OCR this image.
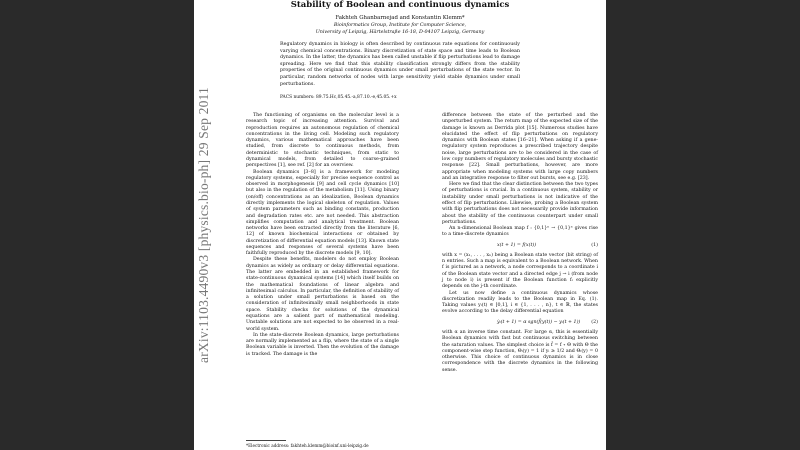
Stability of Boolean and continuous dynamics
Fakhteh Ghanbarnejad and Konstantin Klemm*
Bioinformatics Group, Institute for Computer Science,
University of Leipzig, Härtelstraße 16-18, D-04107 Leipzig, Germany
Regulatory dynamics in biology is often described by continuous rate equations for continuously varying chemical concentrations. Binary discretization of state space and time leads to Boolean dynamics. In the latter, the dynamics has been called unstable if flip perturbations lead to damage spreading. Here we find that this stability classification strongly differs from the stability properties of the original continuous dynamics under small perturbations of the state vector. In particular, random networks of nodes with large sensitivity yield stable dynamics under small perturbations.
PACS numbers: 89.75.Hc,05.45.-a,87.10.-e,45.05.+x
arXiv:1103.4490v3 [physics.bio-ph] 29 Sep 2011	The functioning of organisms on the molecular level is a research topic of increasing attention. Survival and reproduction requires an autonomous regulation of chemical concentrations in the living cell. Modeling such regulatory dynamics, various mathematical approaches have been studied, from discrete to continuous methods, from deterministic to stochastic techniques, from static to dynamical models, from detailed to coarse-grained perspectives [1], see ref. [2] for an overview.

Boolean dynamics [3–8] is a framework for modeling regulatory systems, especially for precise sequence control as observed in morphogenesis [9] and cell cycle dynamics [10] but also in the regulation of the metabolism [11]. Using binary (on/off) concentrations as an idealization, Boolean dynamics directly implements the logical skeleton of regulation. Values of system parameters such as binding constants, production and degradation rates etc. are not needed. This abstraction simplifies computation and analytical treatment. Boolean networks have been extracted directly from the literature [6, 12] of known biochemical interactions or obtained by discretization of differential equation models [13]. Known state sequences and responses of several systems have been faithfully reproduced by the discrete models [9, 10].

Despite these benefits, modelers do not employ Boolean dynamics as widely as ordinary or delay differential equations. The latter are embedded in an established framework for state-continuous dynamical systems [14] which itself builds on the mathematical foundations of linear algebra and infinitesimal calculus. In particular, the definition of stability of a solution under small perturbations is based on the consideration of infinitesimally small neighborhoods in state space. Stability checks for solutions of the dynamical equations are a salient part of mathematical modeling. Unstable solutions are not expected to be observed in a real-world system.

In the state-discrete Boolean dynamics, large perturbations are normally implemented as a flip, where the state of a single Boolean variable is inverted. Then the evolution of the damage is tracked. The damage is the

difference between the state of the perturbed and the unperturbed system. The return map of the expected size of the damage is known as Derrida plot [15]. Numerous studies have elucidated the effect of flip perturbations on regulatory dynamics with Boolean states [16–21]. When asking if a gene-regulatory system reproduces a prescribed trajectory despite noise, large perturbations are to be considered in the case of low copy numbers of regulatory molecules and bursty stochastic response [22]. Small perturbations, however, are more appropriate when modeling systems with large copy numbers and an integrative response to filter out bursts, see e.g. [23].

Here we find that the clear distinction between the two types of perturbations is crucial. In a continuous system, stability or instability under small perturbations is not indicative of the effect of flip perturbations. Likewise, probing a Boolean system with flip perturbations does not necessarily provide information about the stability of the continuous counterpart under small perturbations.

An n-dimensional Boolean map f : {0,1}ⁿ → {0,1}ⁿ gives rise to a time-discrete dynamics

x(t + 1) = f(x(t))	(1)

with x = (x₁, . . . , xₙ) being a Boolean state vector (bit string) of n entries. Such a map is equivalent to a Boolean network. When f is pictured as a network, a node corresponds to a coordinate i of the Boolean state vector and a directed edge j → i (from node j to node i) is present if the Boolean function fᵢ explicitly depends on the j-th coordinate.

Let us now define a continuous dynamics whose discretization readily leads to the Boolean map in Eq. (1). Taking values yᵢ(t) ∈ [0,1], i ∈ {1, . . . , n}, t ∈ ℝ, the states evolve according to the delay differential equation

ẏᵢ(t + 1) = α sgn(f̃(y(t)) − yᵢ(t + 1)) (2)

with α an inverse time constant. For large α, this is essentially Boolean dynamics with fast but continuous switching between the saturation values. The simplest choice is f̃ = f ∘ Θ with Θ the component-wise step function, Θᵢ(y) = 1 if yᵢ ≥ 1/2 and Θᵢ(y) = 0 otherwise. This choice of continuous dynamics is in close correspondence with the discrete dynamics in the following sense.

*Electronic address: fakhteh.klemm@bioinf.uni-leipzig.de
